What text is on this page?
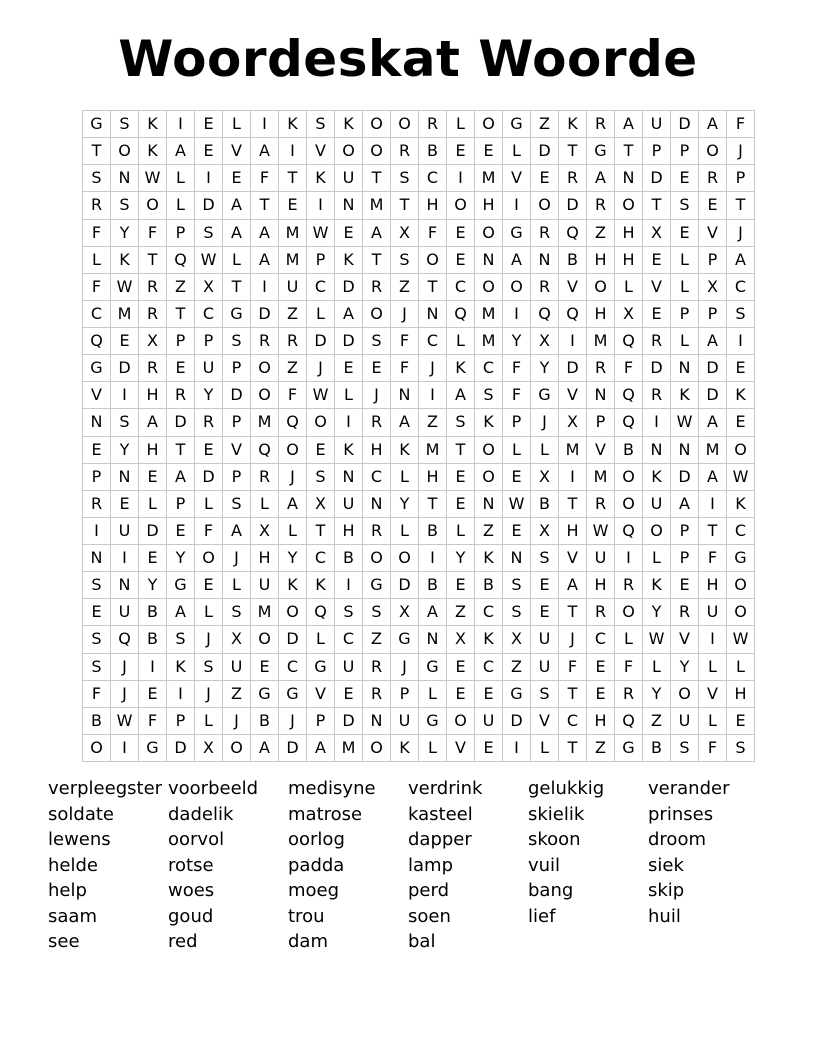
Woordeskat Woorde
G	S	K	I	E	L	I	K	S	K	O	O	R	L	O	G	Z	K	R	A	U	D	A	F
T	O	K	A	E	V	A	I	V	O	O	R	B	E	E	L	D	T	G	T	P	P	O	J
S	N	W	L	I	E	F	T	K	U	T	S	C	I	M	V	E	R	A	N	D	E	R	P
R	S	O	L	D	A	T	E	I	N	M	T	H	O	H	I	O	D	R	O	T	S	E	T
F	Y	F	P	S	A	A	M	W	E	A	X	F	E	O	G	R	Q	Z	H	X	E	V	J
L	K	T	Q	W	L	A	M	P	K	T	S	O	E	N	A	N	B	H	H	E	L	P	A
F	W	R	Z	X	T	I	U	C	D	R	Z	T	C	O	O	R	V	O	L	V	L	X	C
C	M	R	T	C	G	D	Z	L	A	O	J	N	Q	M	I	Q	Q	H	X	E	P	P	S
Q	E	X	P	P	S	R	R	D	D	S	F	C	L	M	Y	X	I	M	Q	R	L	A	I
G	D	R	E	U	P	O	Z	J	E	E	F	J	K	C	F	Y	D	R	F	D	N	D	E
V	I	H	R	Y	D	O	F	W	L	J	N	I	A	S	F	G	V	N	Q	R	K	D	K
N	S	A	D	R	P	M	Q	O	I	R	A	Z	S	K	P	J	X	P	Q	I	W	A	E
E	Y	H	T	E	V	Q	O	E	K	H	K	M	T	O	L	L	M	V	B	N	N	M	O
P	N	E	A	D	P	R	J	S	N	C	L	H	E	O	E	X	I	M	O	K	D	A	W
R	E	L	P	L	S	L	A	X	U	N	Y	T	E	N	W	B	T	R	O	U	A	I	K
I	U	D	E	F	A	X	L	T	H	R	L	B	L	Z	E	X	H	W	Q	O	P	T	C
N	I	E	Y	O	J	H	Y	C	B	O	O	I	Y	K	N	S	V	U	I	L	P	F	G
S	N	Y	G	E	L	U	K	K	I	G	D	B	E	B	S	E	A	H	R	K	E	H	O
E	U	B	A	L	S	M	O	Q	S	S	X	A	Z	C	S	E	T	R	O	Y	R	U	O
S	Q	B	S	J	X	O	D	L	C	Z	G	N	X	K	X	U	J	C	L	W	V	I	W
S	J	I	K	S	U	E	C	G	U	R	J	G	E	C	Z	U	F	E	F	L	Y	L	L
F	J	E	I	J	Z	G	G	V	E	R	P	L	E	E	G	S	T	E	R	Y	O	V	H
B	W	F	P	L	J	B	J	P	D	N	U	G	O	U	D	V	C	H	Q	Z	U	L	E
O	I	G	D	X	O	A	D	A	M	O	K	L	V	E	I	L	T	Z	G	B	S	F	S
verpleegster voorbeeld	medisyne	verdrink	gelukkig	verander
soldate	dadelik	matrose	kasteel	skielik	prinses
lewens	oorvol	oorlog	dapper	skoon	droom
helde	rotse	padda	lamp	vuil	siek
help	woes	moeg	perd	bang	skip
saam	goud	trou	soen	lief	huil
see	red	dam	bal
